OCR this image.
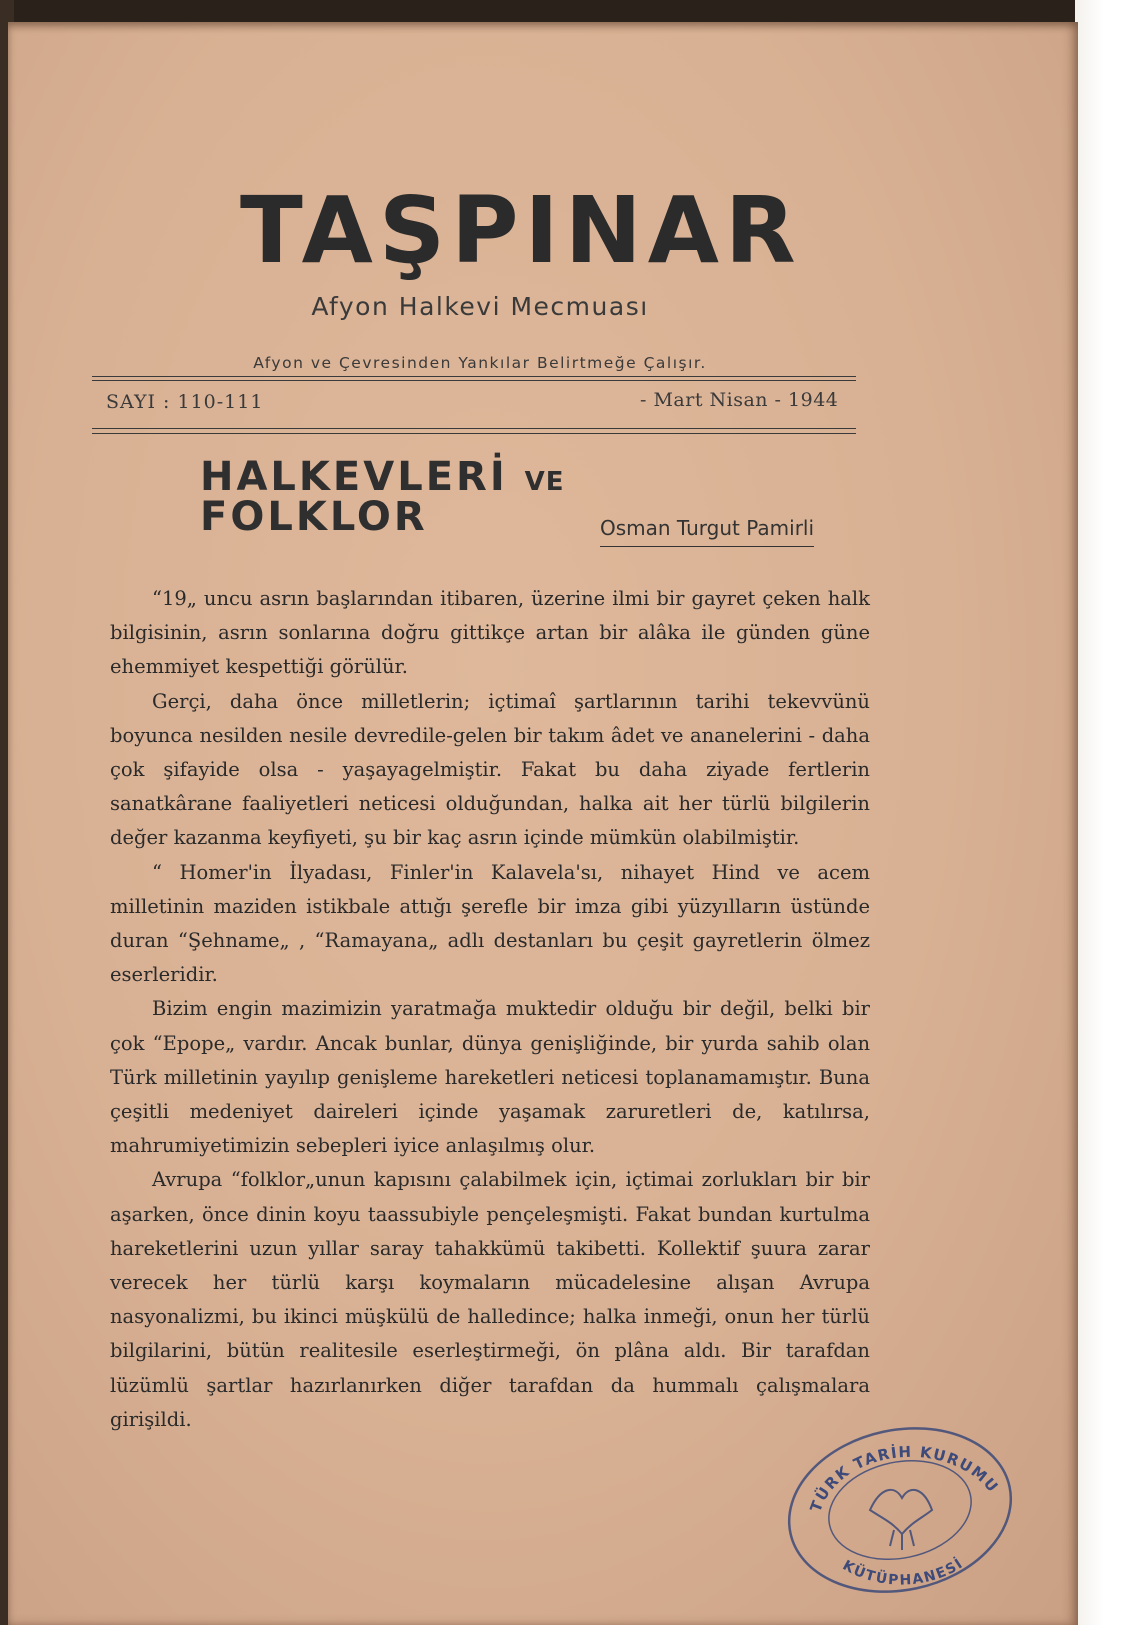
TAŞPINAR
Afyon Halkevi Mecmuası
Afyon ve Çevresinden Yankılar Belirtmeğe Çalışır.
SAYI : 110-111	- Mart Nisan - 1944
HALKEVLERİ VE FOLKLOR	Osman Turgut Pamirli

“19„ uncu asrın başlarından itibaren, üzerine ilmi bir gayret çeken halk bilgisinin, asrın sonlarına doğru gittikçe artan bir alâka ile günden güne ehemmiyet kespettiği görülür.

Gerçi, daha önce milletlerin; içtimaî şartlarının tarihi tekevvünü boyunca nesilden nesile devredile-gelen bir takım âdet ve ananelerini - daha çok şifayide olsa - yaşayagelmiştir. Fakat bu daha ziyade fertlerin sanatkârane faaliyetleri neticesi olduğundan, halka ait her türlü bilgilerin değer kazanma keyfiyeti, şu bir kaç asrın içinde mümkün olabilmiştir.

“ Homer'in İlyadası, Finler'in Kalavela'sı, nihayet Hind ve acem milletinin maziden istikbale attığı şerefle bir imza gibi yüzyılların üstünde duran “Şehname„ , “Ramayana„ adlı destanları bu çeşit gayretlerin ölmez eserleridir.

Bizim engin mazimizin yaratmağa muktedir olduğu bir değil, belki bir çok “Epope„ vardır. Ancak bunlar, dünya genişliğinde, bir yurda sahib olan Türk milletinin yayılıp genişleme hareketleri neticesi toplanamamıştır. Buna çeşitli medeniyet daireleri içinde yaşamak zaruretleri de, katılırsa, mahrumiyetimizin sebepleri iyice anlaşılmış olur.

Avrupa “folklor„unun kapısını çalabilmek için, içtimai zorlukları bir bir aşarken, önce dinin koyu taassubiyle pençeleşmişti. Fakat bundan kurtulma hareketlerini uzun yıllar saray tahakkümü takibetti. Kollektif şuura zarar verecek her türlü karşı koymaların mücadelesine alışan Avrupa nasyonalizmi, bu ikinci müşkülü de halledince; halka inmeği, onun her türlü bilgilarini, bütün realitesile eserleştirmeği, ön plâna aldı. Bir tarafdan lüzümlü şartlar hazırlanırken diğer tarafdan da hummalı çalışmalara girişildi.

TÜRK TARİH KURUMU
KÜTÜPHANESİ
